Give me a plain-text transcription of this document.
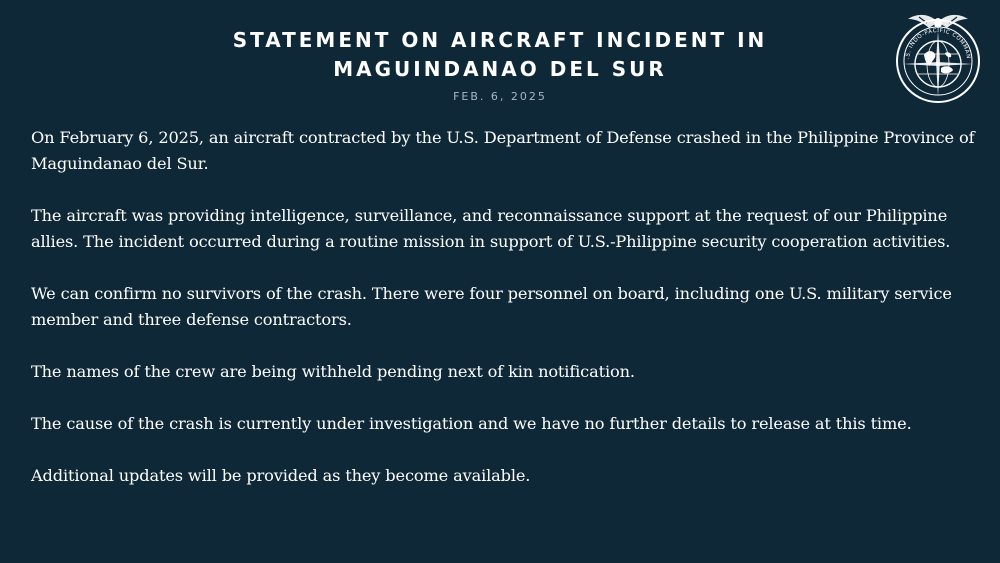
STATEMENT ON AIRCRAFT INCIDENT IN
MAGUINDANAO DEL SUR
FEB. 6, 2025
.S. INDO-PACIFIC COMMAN

On February 6, 2025, an aircraft contracted by the U.S. Department of Defense crashed in the Philippine Province of Maguindanao del Sur.

The aircraft was providing intelligence, surveillance, and reconnaissance support at the request of our Philippine allies. The incident occurred during a routine mission in support of U.S.-Philippine security cooperation activities.

We can confirm no survivors of the crash. There were four personnel on board, including one U.S. military service member and three defense contractors.

The names of the crew are being withheld pending next of kin notification.

The cause of the crash is currently under investigation and we have no further details to release at this time.

Additional updates will be provided as they become available.
